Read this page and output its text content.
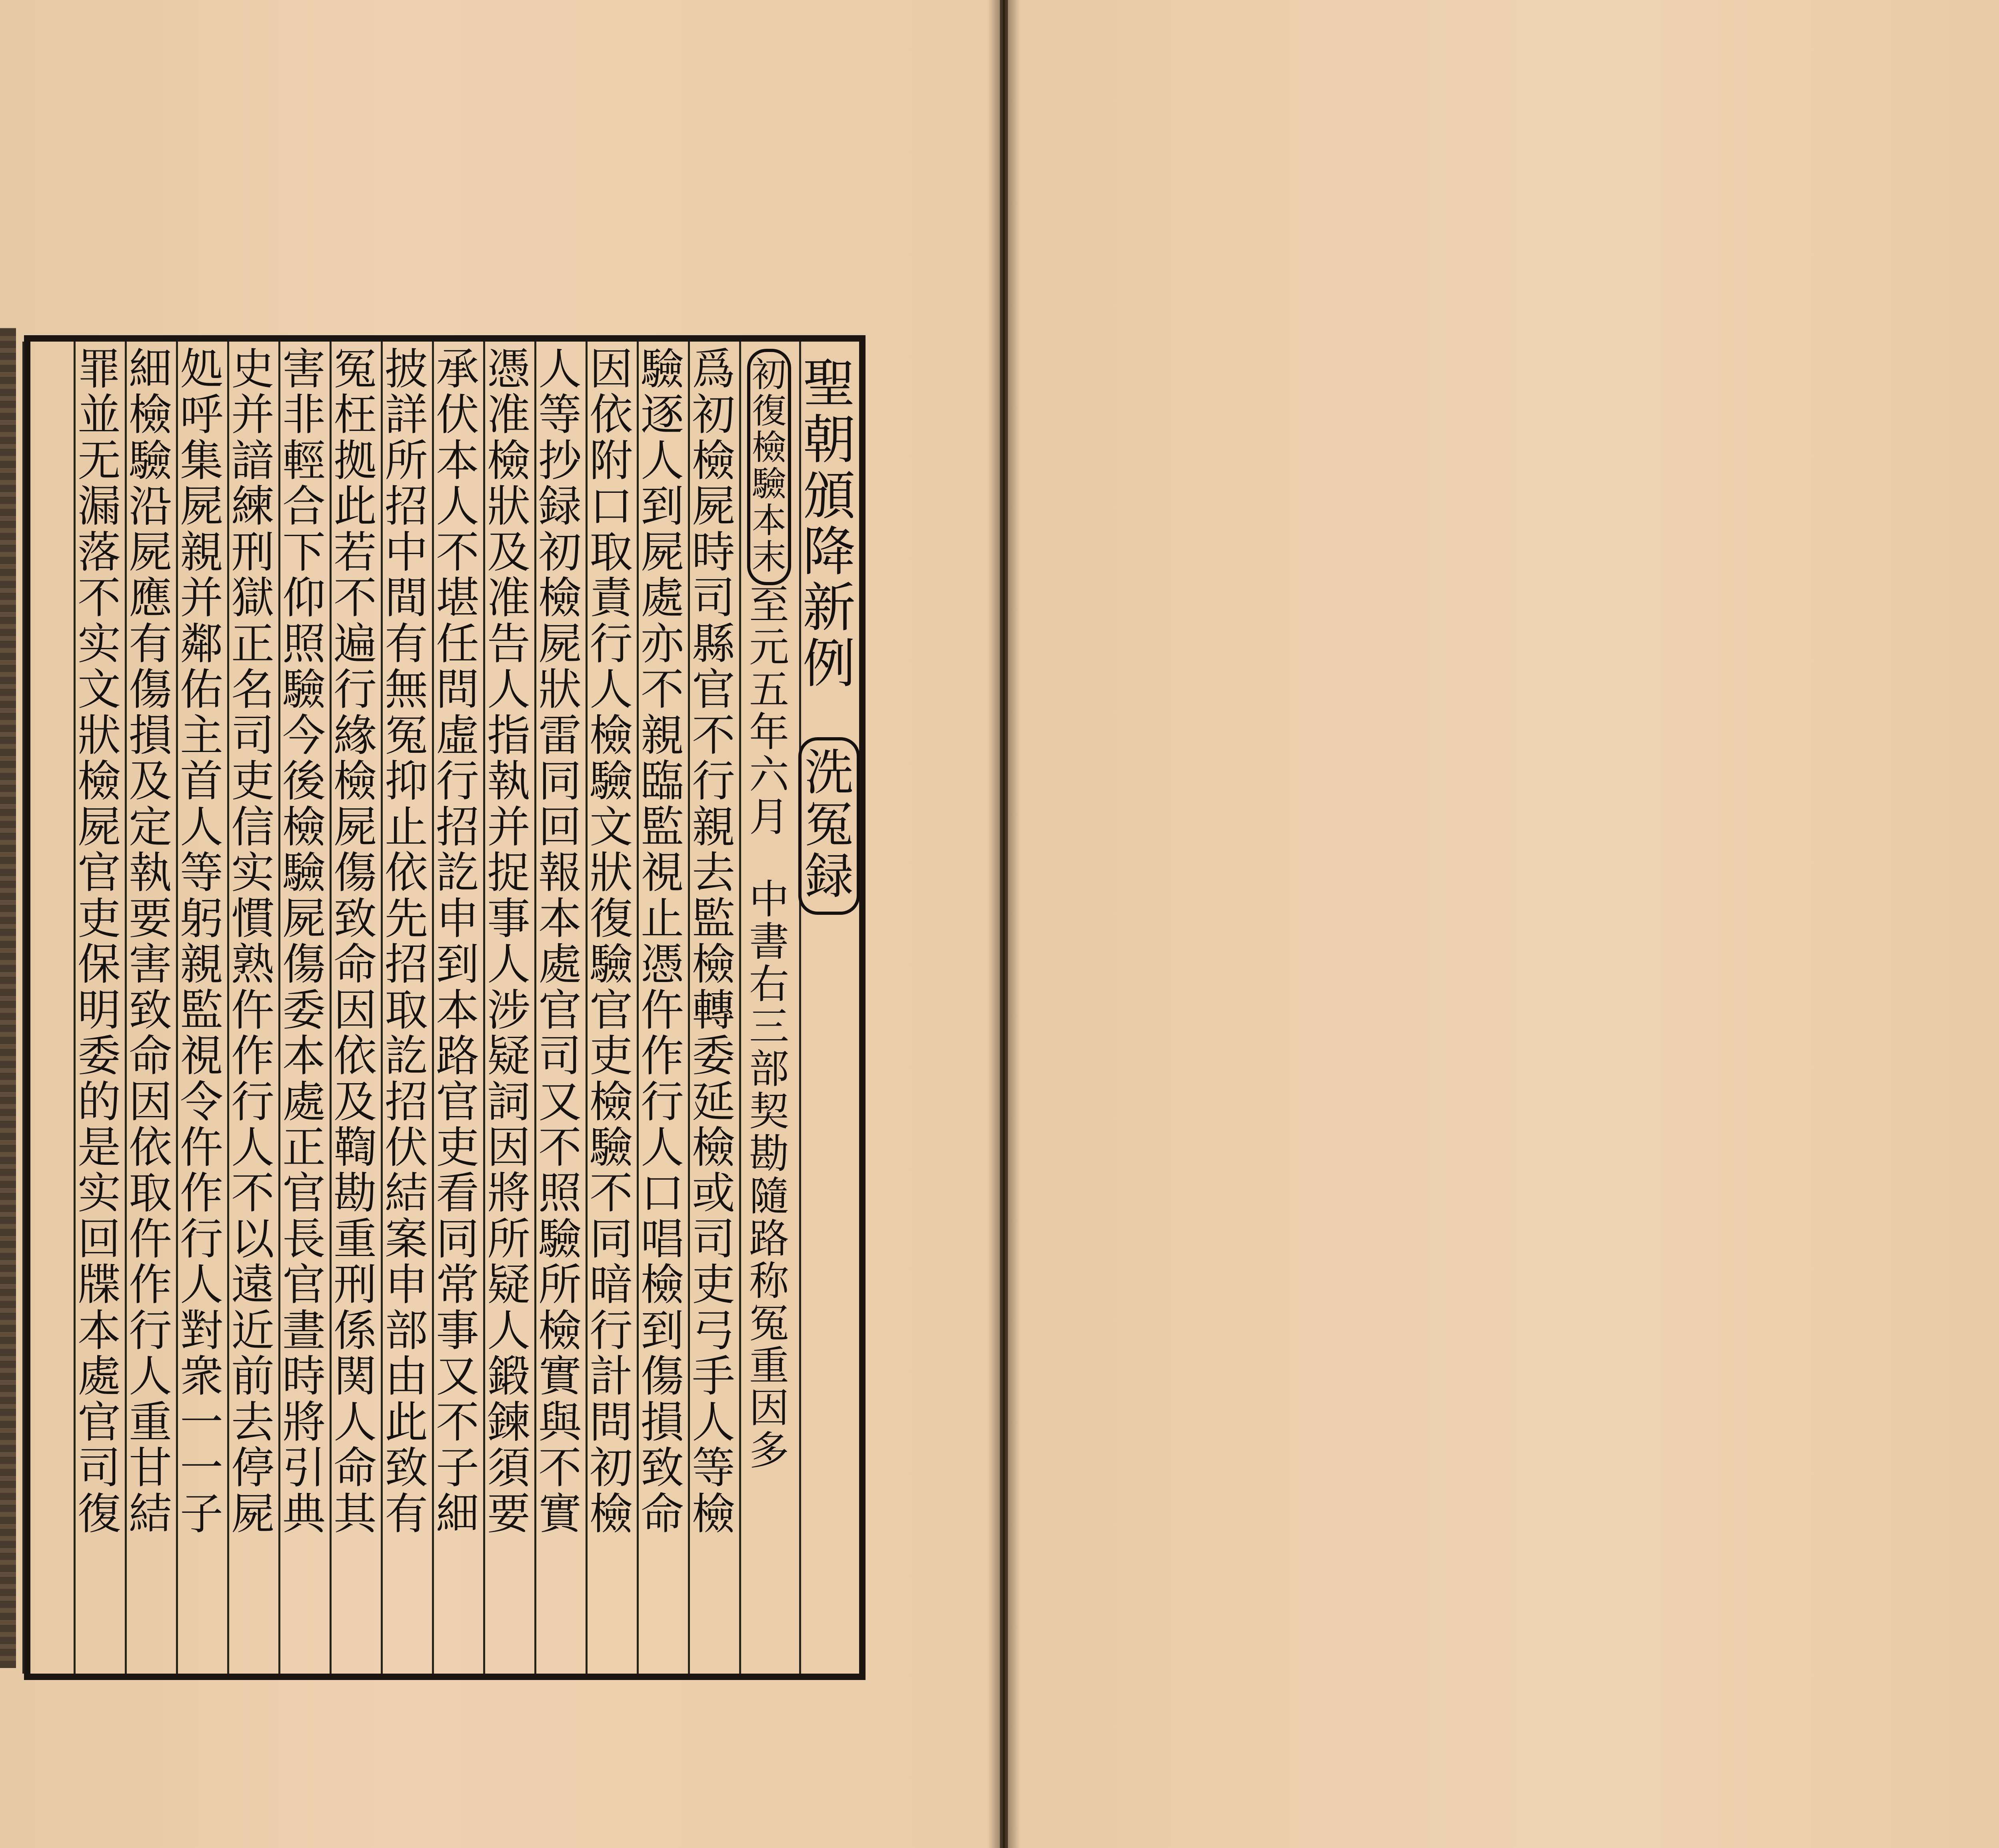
聖
朝
頒
降
新
例
洗
冤
録
初
復
檢
驗
本
末
至
元
五
年
六
月
中
書
右
三
部
契
勘
隨
路
称
冤
重
因
多
爲
初
檢
屍
時
司
縣
官
不
行
親
去
監
檢
轉
委
延
檢
或
司
吏
弓
手
人
等
檢
驗
逐
人
到
屍
處
亦
不
親
臨
監
視
止
憑
仵
作
行
人
口
唱
檢
到
傷
損
致
命
因
依
附
口
取
責
行
人
檢
驗
文
狀
復
驗
官
吏
檢
驗
不
同
暗
行
計
問
初
檢
人
等
抄
録
初
檢
屍
狀
雷
同
回
報
本
處
官
司
又
不
照
驗
所
檢
實
與
不
實
憑
准
檢
狀
及
准
告
人
指
執
并
捉
事
人
涉
疑
詞
因
將
所
疑
人
鍛
鍊
須
要
承
伏
本
人
不
堪
任
問
虛
行
招
訖
申
到
本
路
官
吏
看
同
常
事
又
不
子
細
披
詳
所
招
中
間
有
無
冤
抑
止
依
先
招
取
訖
招
伏
結
案
申
部
由
此
致
有
冤
枉
拠
此
若
不
遍
行
緣
檢
屍
傷
致
命
因
依
及
鞫
勘
重
刑
係
関
人
命
其
害
非
輕
合
下
仰
照
驗
今
後
檢
驗
屍
傷
委
本
處
正
官
長
官
晝
時
將
引
典
史
并
諳
練
刑
獄
正
名
司
吏
信
实
慣
熟
仵
作
行
人
不
以
遠
近
前
去
停
屍
処
呼
集
屍
親
并
鄰
佑
主
首
人
等
躬
親
監
視
令
仵
作
行
人
對
衆
一
一
子
細
檢
驗
沿
屍
應
有
傷
損
及
定
執
要
害
致
命
因
依
取
仵
作
行
人
重
甘
結
罪
並
无
漏
落
不
实
文
狀
檢
屍
官
吏
保
明
委
的
是
实
回
牒
本
處
官
司
復
